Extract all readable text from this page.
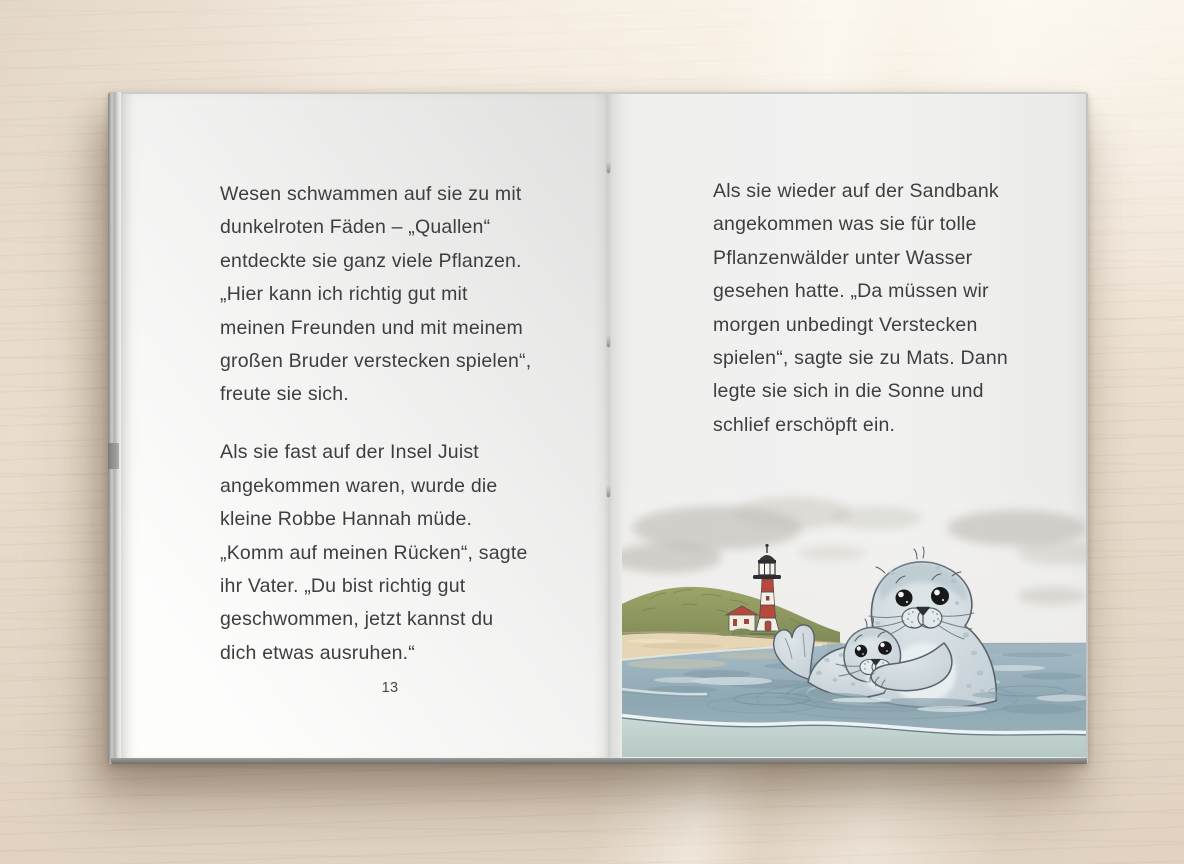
Wesen schwammen auf sie zu mit
dunkelroten Fäden – „Quallen“
entdeckte sie ganz viele Pflanzen.
„Hier kann ich richtig gut mit
meinen Freunden und mit meinem
großen Bruder verstecken spielen“,
freute sie sich.

Als sie fast auf der Insel Juist
angekommen waren, wurde die
kleine Robbe Hannah müde.
„Komm auf meinen Rücken“, sagte
ihr Vater. „Du bist richtig gut
geschwommen, jetzt kannst du
dich etwas ausruhen.“

13

Als sie wieder auf der Sandbank
angekommen was sie für tolle
Pflanzenwälder unter Wasser
gesehen hatte. „Da müssen wir
morgen unbedingt Verstecken
spielen“, sagte sie zu Mats. Dann
legte sie sich in die Sonne und
schlief erschöpft ein.
